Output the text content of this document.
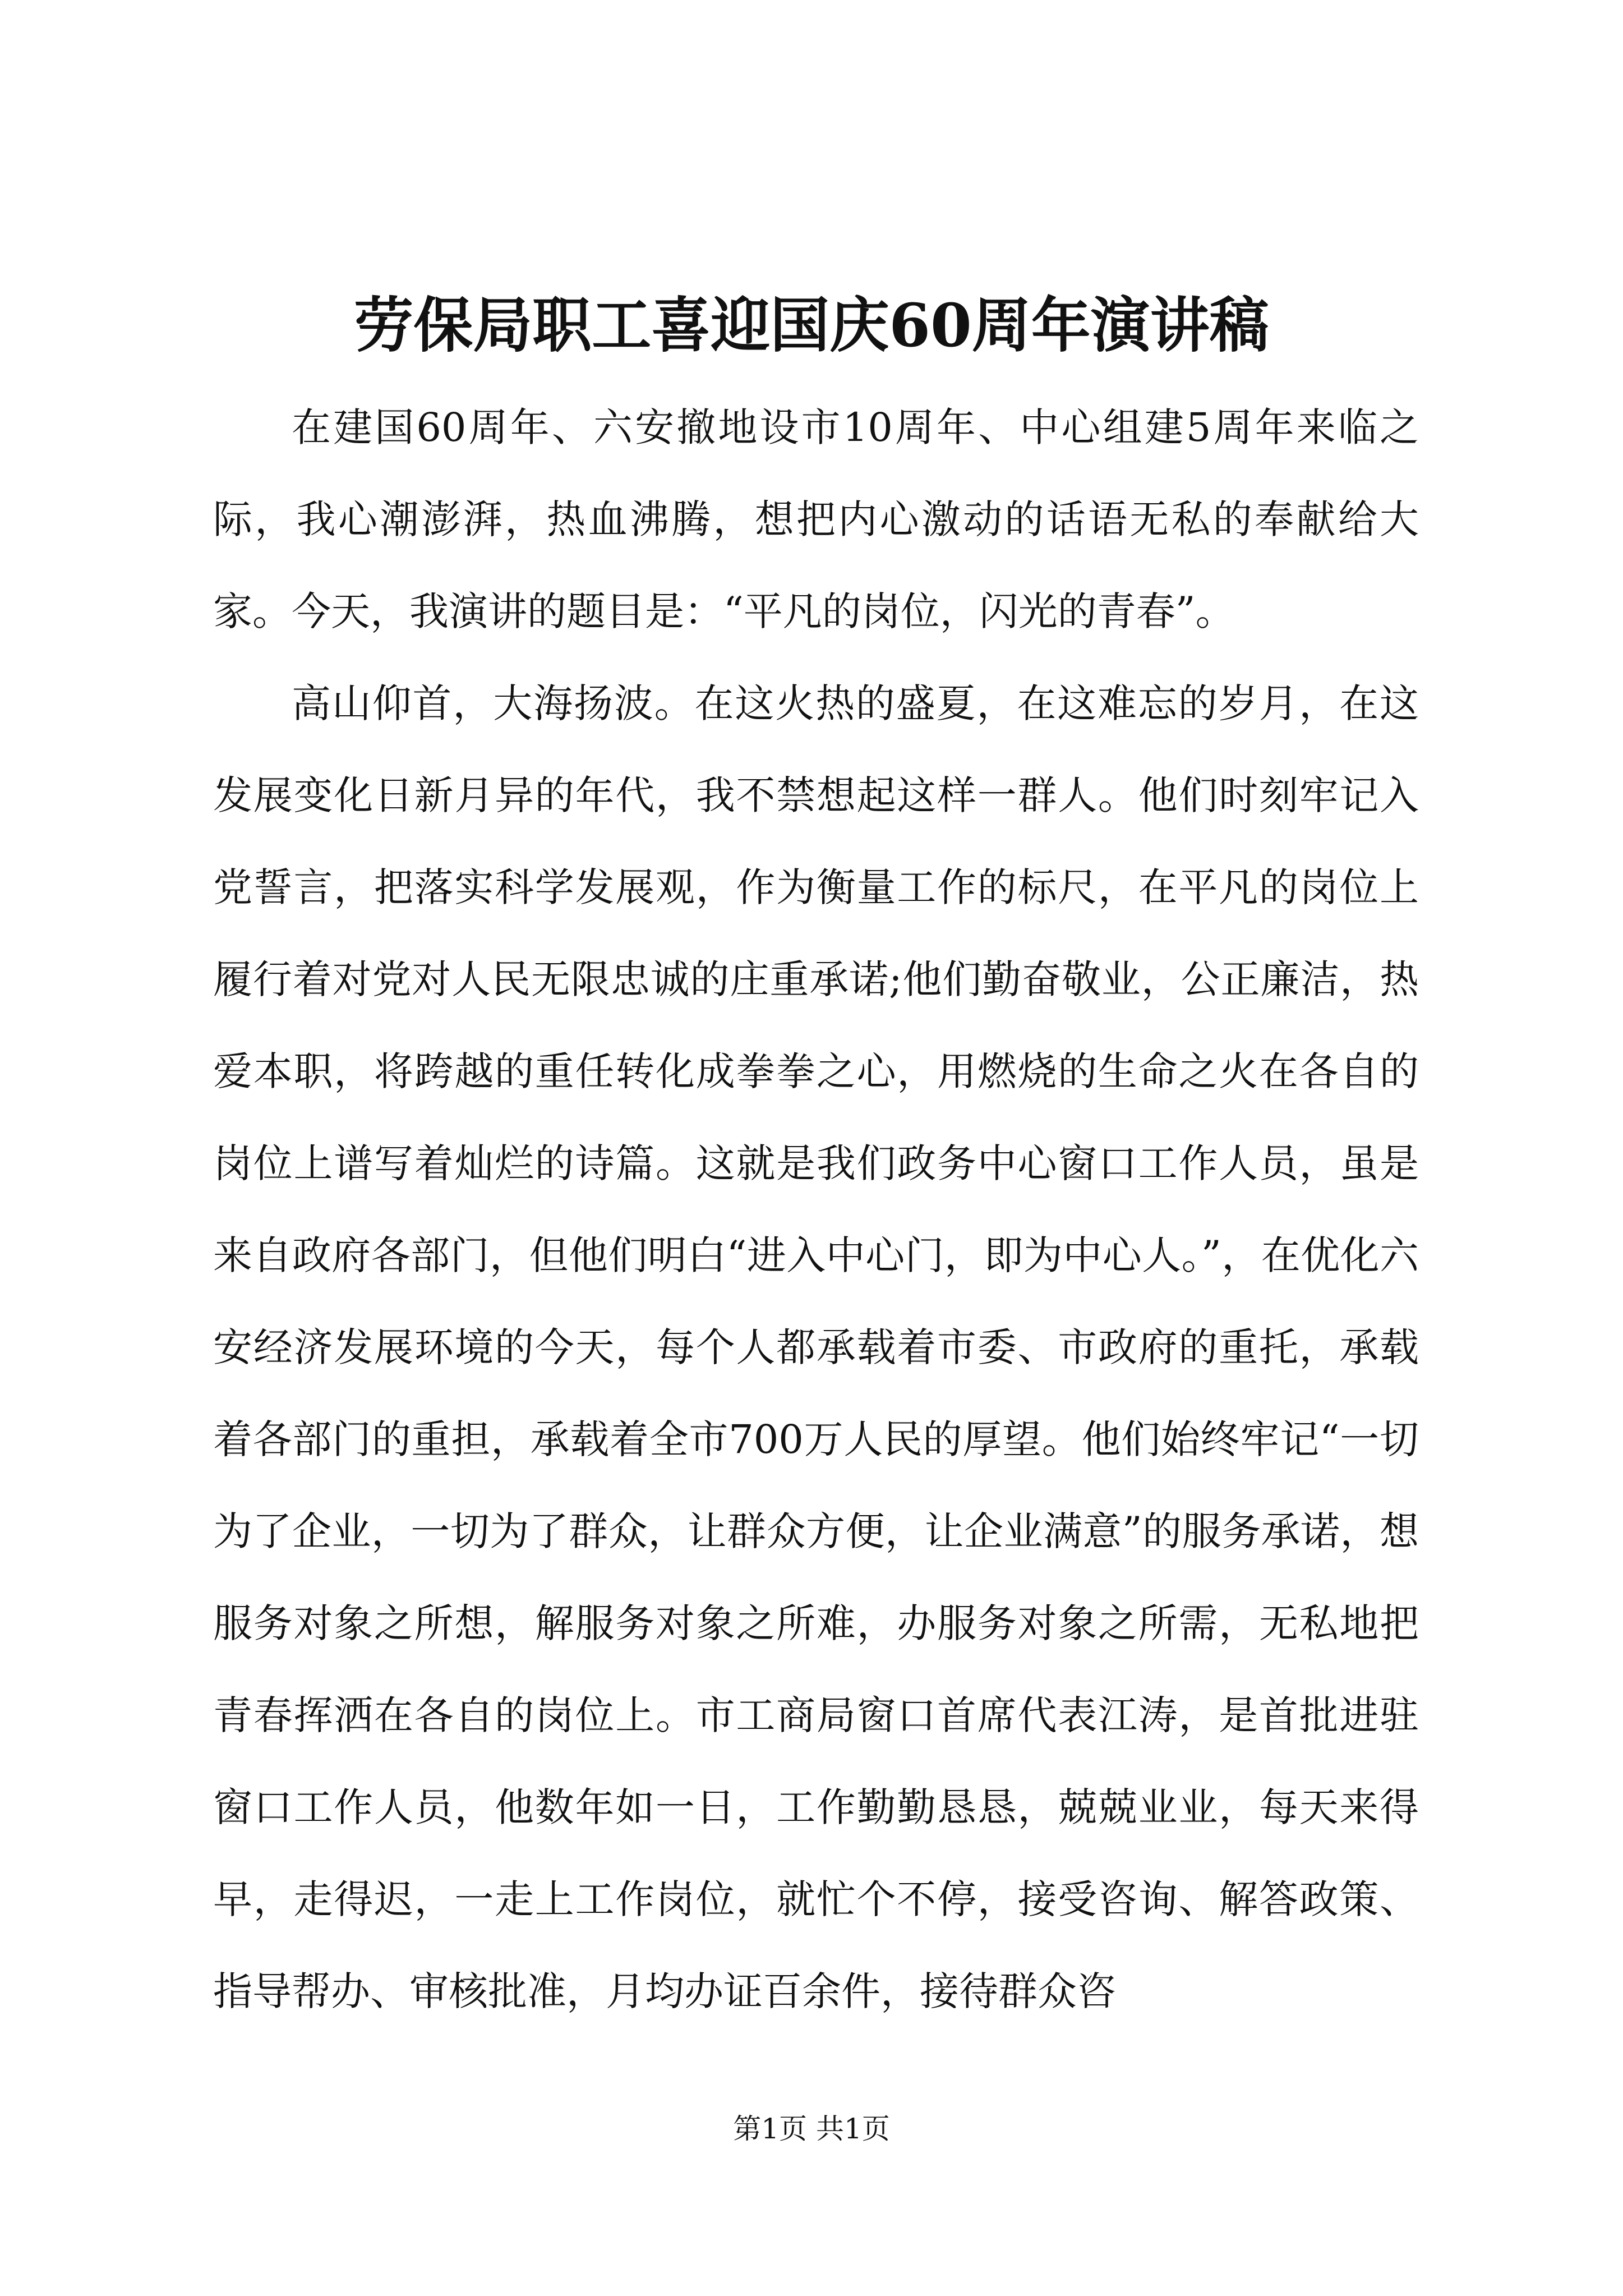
劳保局职工喜迎国庆60周年演讲稿

在建国60周年、六安撤地设市10周年、中心组建5周年来临之际，我心潮澎湃，热血沸腾，想把内心激动的话语无私的奉献给大家。今天，我演讲的题目是：“平凡的岗位，闪光的青春”。

高山仰首，大海扬波。在这火热的盛夏，在这难忘的岁月，在这发展变化日新月异的年代，我不禁想起这样一群人。他们时刻牢记入党誓言，把落实科学发展观，作为衡量工作的标尺，在平凡的岗位上履行着对党对人民无限忠诚的庄重承诺;他们勤奋敬业，公正廉洁，热爱本职，将跨越的重任转化成拳拳之心，用燃烧的生命之火在各自的岗位上谱写着灿烂的诗篇。这就是我们政务中心窗口工作人员，虽是来自政府各部门，但他们明白“进入中心门，即为中心人。”，在优化六安经济发展环境的今天，每个人都承载着市委、市政府的重托，承载着各部门的重担，承载着全市700万人民的厚望。他们始终牢记“一切为了企业，一切为了群众，让群众方便，让企业满意”的服务承诺，想服务对象之所想，解服务对象之所难，办服务对象之所需，无私地把青春挥洒在各自的岗位上。市工商局窗口首席代表江涛，是首批进驻窗口工作人员，他数年如一日，工作勤勤恳恳，兢兢业业，每天来得早，走得迟，一走上工作岗位，就忙个不停，接受咨询、解答政策、指导帮办、审核批准，月均办证百余件，接待群众咨

第1页 共1页
